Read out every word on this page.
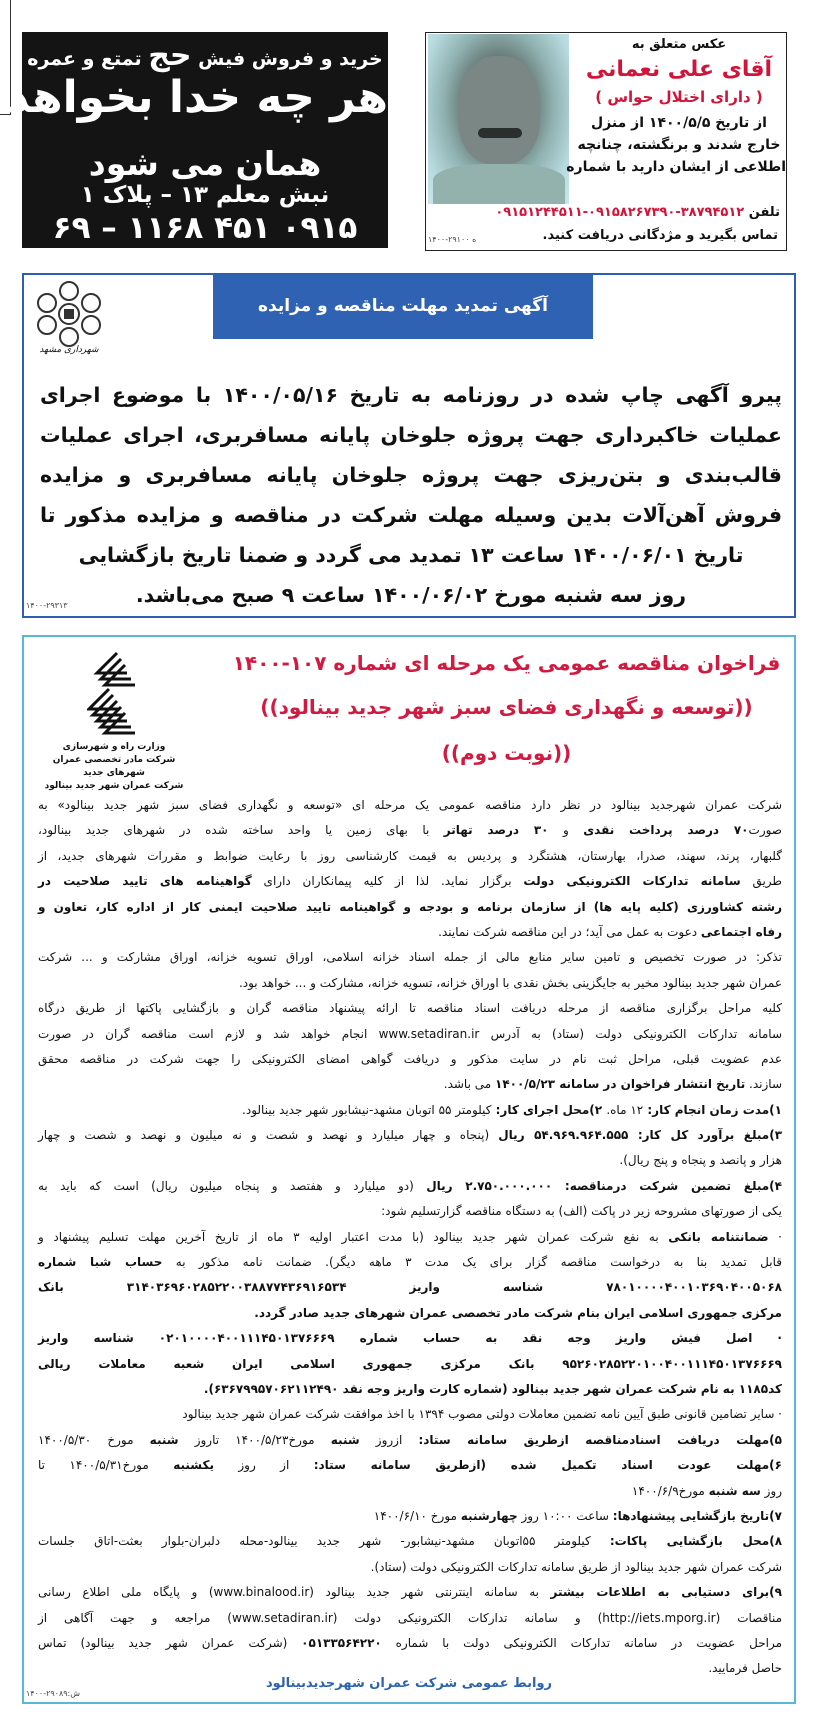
خرید و فروش فیش حج تمتع و عمره
هر چه خدا بخواهد
همان می شود
نبش معلم ۱۳ – پلاک ۱
۰۹۱۵ ۴۵۱ ۱۱۶۸ – ۶۹
عکس متعلق به
آقای علی نعمانی
( دارای اختلال حواس )
از تاریخ ۱۴۰۰/۵/۵ از منزل
خارج شدند و برنگشته، چنانچه
اطلاعی از ایشان دارید با شماره
تلفن ۳۸۷۹۴۵۱۲-۰۹۱۵۸۲۶۷۳۹۰-۰۹۱۵۱۲۴۴۵۱۱
تماس بگیرید و مژدگانی دریافت کنید.
۱۴۰۰-۲۹۱۰۰ ه
آگهی تمدید مهلت مناقصه و مزایده
شهرداری مشهد
پیرو آگهی چاپ شده در روزنامه به تاریخ ۱۴۰۰/۰۵/۱۶ با موضوع اجرای
عملیات خاکبرداری جهت پروژه جلوخان پایانه مسافربری، اجرای عملیات
قالب‌بندی و بتن‌ریزی جهت پروژه جلوخان پایانه مسافربری و مزایده
فروش آهن‌آلات بدین وسیله مهلت شرکت در مناقصه و مزایده مذکور تا
تاریخ ۱۴۰۰/۰۶/۰۱ ساعت ۱۳ تمدید می گردد و ضمنا تاریخ بازگشایی
روز سه شنبه مورخ ۱۴۰۰/۰۶/۰۲ ساعت ۹ صبح می‌باشد.
۱۴۰۰-۲۹۳۱۳
وزارت راه و شهرسازی
شرکت مادر تخصصی عمران شهرهای جدید
شرکت عمران شهر جدید بینالود
فراخوان مناقصه عمومی یک مرحله ای شماره ۱۰۷-۱۴۰۰
((توسعه و نگهداری فضای سبز شهر جدید بینالود))
((نوبت دوم))
شرکت عمران شهرجدید بینالود در نظر دارد مناقصه عمومی یک مرحله ای «توسعه و نگهداری فضای سبز شهر جدید بینالود» به
صورت۷۰ درصد پرداخت نقدی و ۳۰ درصد تهاتر با بهای زمین یا واحد ساخته شده در شهرهای جدید بینالود،
گلبهار، پرند، سهند، صدرا، بهارستان، هشتگرد و پردیس به قیمت کارشناسی روز با رعایت ضوابط و مقررات شهرهای جدید، از
طریق سامانه تدارکات الکترونیکی دولت برگزار نماید. لذا از کلیه پیمانکاران دارای گواهینامه های تایید صلاحیت در
رشته کشاورزی (کلیه پایه ها) از سازمان برنامه و بودجه و گواهینامه تایید صلاحیت ایمنی کار از اداره کار، تعاون و
رفاه اجتماعی دعوت به عمل می آید؛ در این مناقصه شرکت نمایند.
تذکر: در صورت تخصیص و تامین سایر منابع مالی از جمله اسناد خزانه اسلامی، اوراق تسویه خزانه، اوراق مشارکت و ... شرکت
عمران شهر جدید بینالود مخیر به جایگزینی بخش نقدی با اوراق خزانه، تسویه خزانه، مشارکت و ... خواهد بود.
کلیه مراحل برگزاری مناقصه از مرحله دریافت اسناد مناقصه تا ارائه پیشنهاد مناقصه گران و بازگشایی پاکتها از طریق درگاه
سامانه تدارکات الکترونیکی دولت (ستاد) به آدرس www.setadiran.ir انجام خواهد شد و لازم است مناقصه گران در صورت
عدم عضویت قبلی، مراحل ثبت نام در سایت مذکور و دریافت گواهی امضای الکترونیکی را جهت شرکت در مناقصه محقق
سازند. تاریخ انتشار فراخوان در سامانه ۱۴۰۰/۵/۲۳ می باشد.
۱)مدت زمان انجام کار: ۱۲ ماه. ۲)محل اجرای کار: کیلومتر ۵۵ اتوبان مشهد-نیشابور شهر جدید بینالود.
۳)مبلغ برآورد کل کار: ۵۴.۹۶۹.۹۶۴.۵۵۵ ریال (پنجاه و چهار میلیارد و نهصد و شصت و نه میلیون و نهصد و شصت و چهار
هزار و پانصد و پنجاه و پنج ریال).
۴)مبلغ تضمین شرکت درمناقصه: ۲.۷۵۰.۰۰۰.۰۰۰ ریال (دو میلیارد و هفتصد و پنجاه میلیون ریال) است که باید به
یکی از صورتهای مشروحه زیر در پاکت (الف) به دستگاه مناقصه گزارتسلیم شود:
· ضمانتنامه بانکی به نفع شرکت عمران شهر جدید بینالود (با مدت اعتبار اولیه ۳ ماه از تاریخ آخرین مهلت تسلیم پیشنهاد و
قابل تمدید بنا به درخواست مناقصه گزار برای یک مدت ۳ ماهه دیگر). ضمانت نامه مذکور به حساب شبا شماره
۷۸۰۱۰۰۰۰۴۰۰۱۰۳۶۹۰۴۰۰۵۰۶۸ شناسه واریز ۳۱۴۰۳۶۹۶۰۲۸۵۲۲۰۰۳۸۸۷۷۴۳۶۹۱۶۵۳۴ بانک
مرکزی جمهوری اسلامی ایران بنام شرکت مادر تخصصی عمران شهرهای جدید صادر گردد.
· اصل فیش واریز وجه نقد به حساب شماره ۰۲۰۱۰۰۰۰۴۰۰۱۱۱۴۵۰۱۳۷۶۶۶۹ شناسه واریز
۹۵۲۶۰۲۸۵۲۲۰۱۰۰۴۰۰۱۱۱۴۵۰۱۳۷۶۶۶۹ بانک مرکزی جمهوری اسلامی ایران شعبه معاملات ریالی
کد۱۱۸۵ به نام شرکت عمران شهر جدید بینالود (شماره کارت واریز وجه نقد ۶۳۶۷۹۹۵۷۰۶۲۱۱۲۴۹۰).
· سایر تضامین قانونی طبق آیین نامه تضمین معاملات دولتی مصوب ۱۳۹۴ با اخذ موافقت شرکت عمران شهر جدید بینالود
۵)مهلت دریافت اسنادمناقصه ازطریق سامانه ستاد: ازروز شنبه مورخ۱۴۰۰/۵/۲۳ تاروز شنبه مورخ ۱۴۰۰/۵/۳۰
۶)مهلت عودت اسناد تکمیل شده (ازطریق سامانه ستاد: از روز یکشنبه مورخ۱۴۰۰/۵/۳۱ تا
روز سه شنبه مورخ۱۴۰۰/۶/۹
۷)تاریخ بازگشایی پیشنهادها: ساعت ۱۰:۰۰ روز چهارشنبه مورخ ۱۴۰۰/۶/۱۰
۸)محل بازگشایی پاکات: کیلومتر ۵۵اتوبان مشهد-نیشابور- شهر جدید بینالود-محله دلبران-بلوار بعثت-اتاق جلسات
شرکت عمران شهر جدید بینالود از طریق سامانه تدارکات الکترونیکی دولت (ستاد).
۹)برای دستیابی به اطلاعات بیشتر به سامانه اینترنتی شهر جدید بینالود (www.binalood.ir) و پایگاه ملی اطلاع رسانی
مناقصات (http://iets.mporg.ir) و سامانه تدارکات الکترونیکی دولت (www.setadiran.ir) مراجعه و جهت آگاهی از
مراحل عضویت در سامانه تدارکات الکترونیکی دولت با شماره ۰۵۱۳۳۵۶۴۲۲۰ (شرکت عمران شهر جدید بینالود) تماس
حاصل فرمایید.
روابط عمومی شرکت عمران شهرجدیدبینالود
۱۴۰۰-۲۹۰۸۹:ش
